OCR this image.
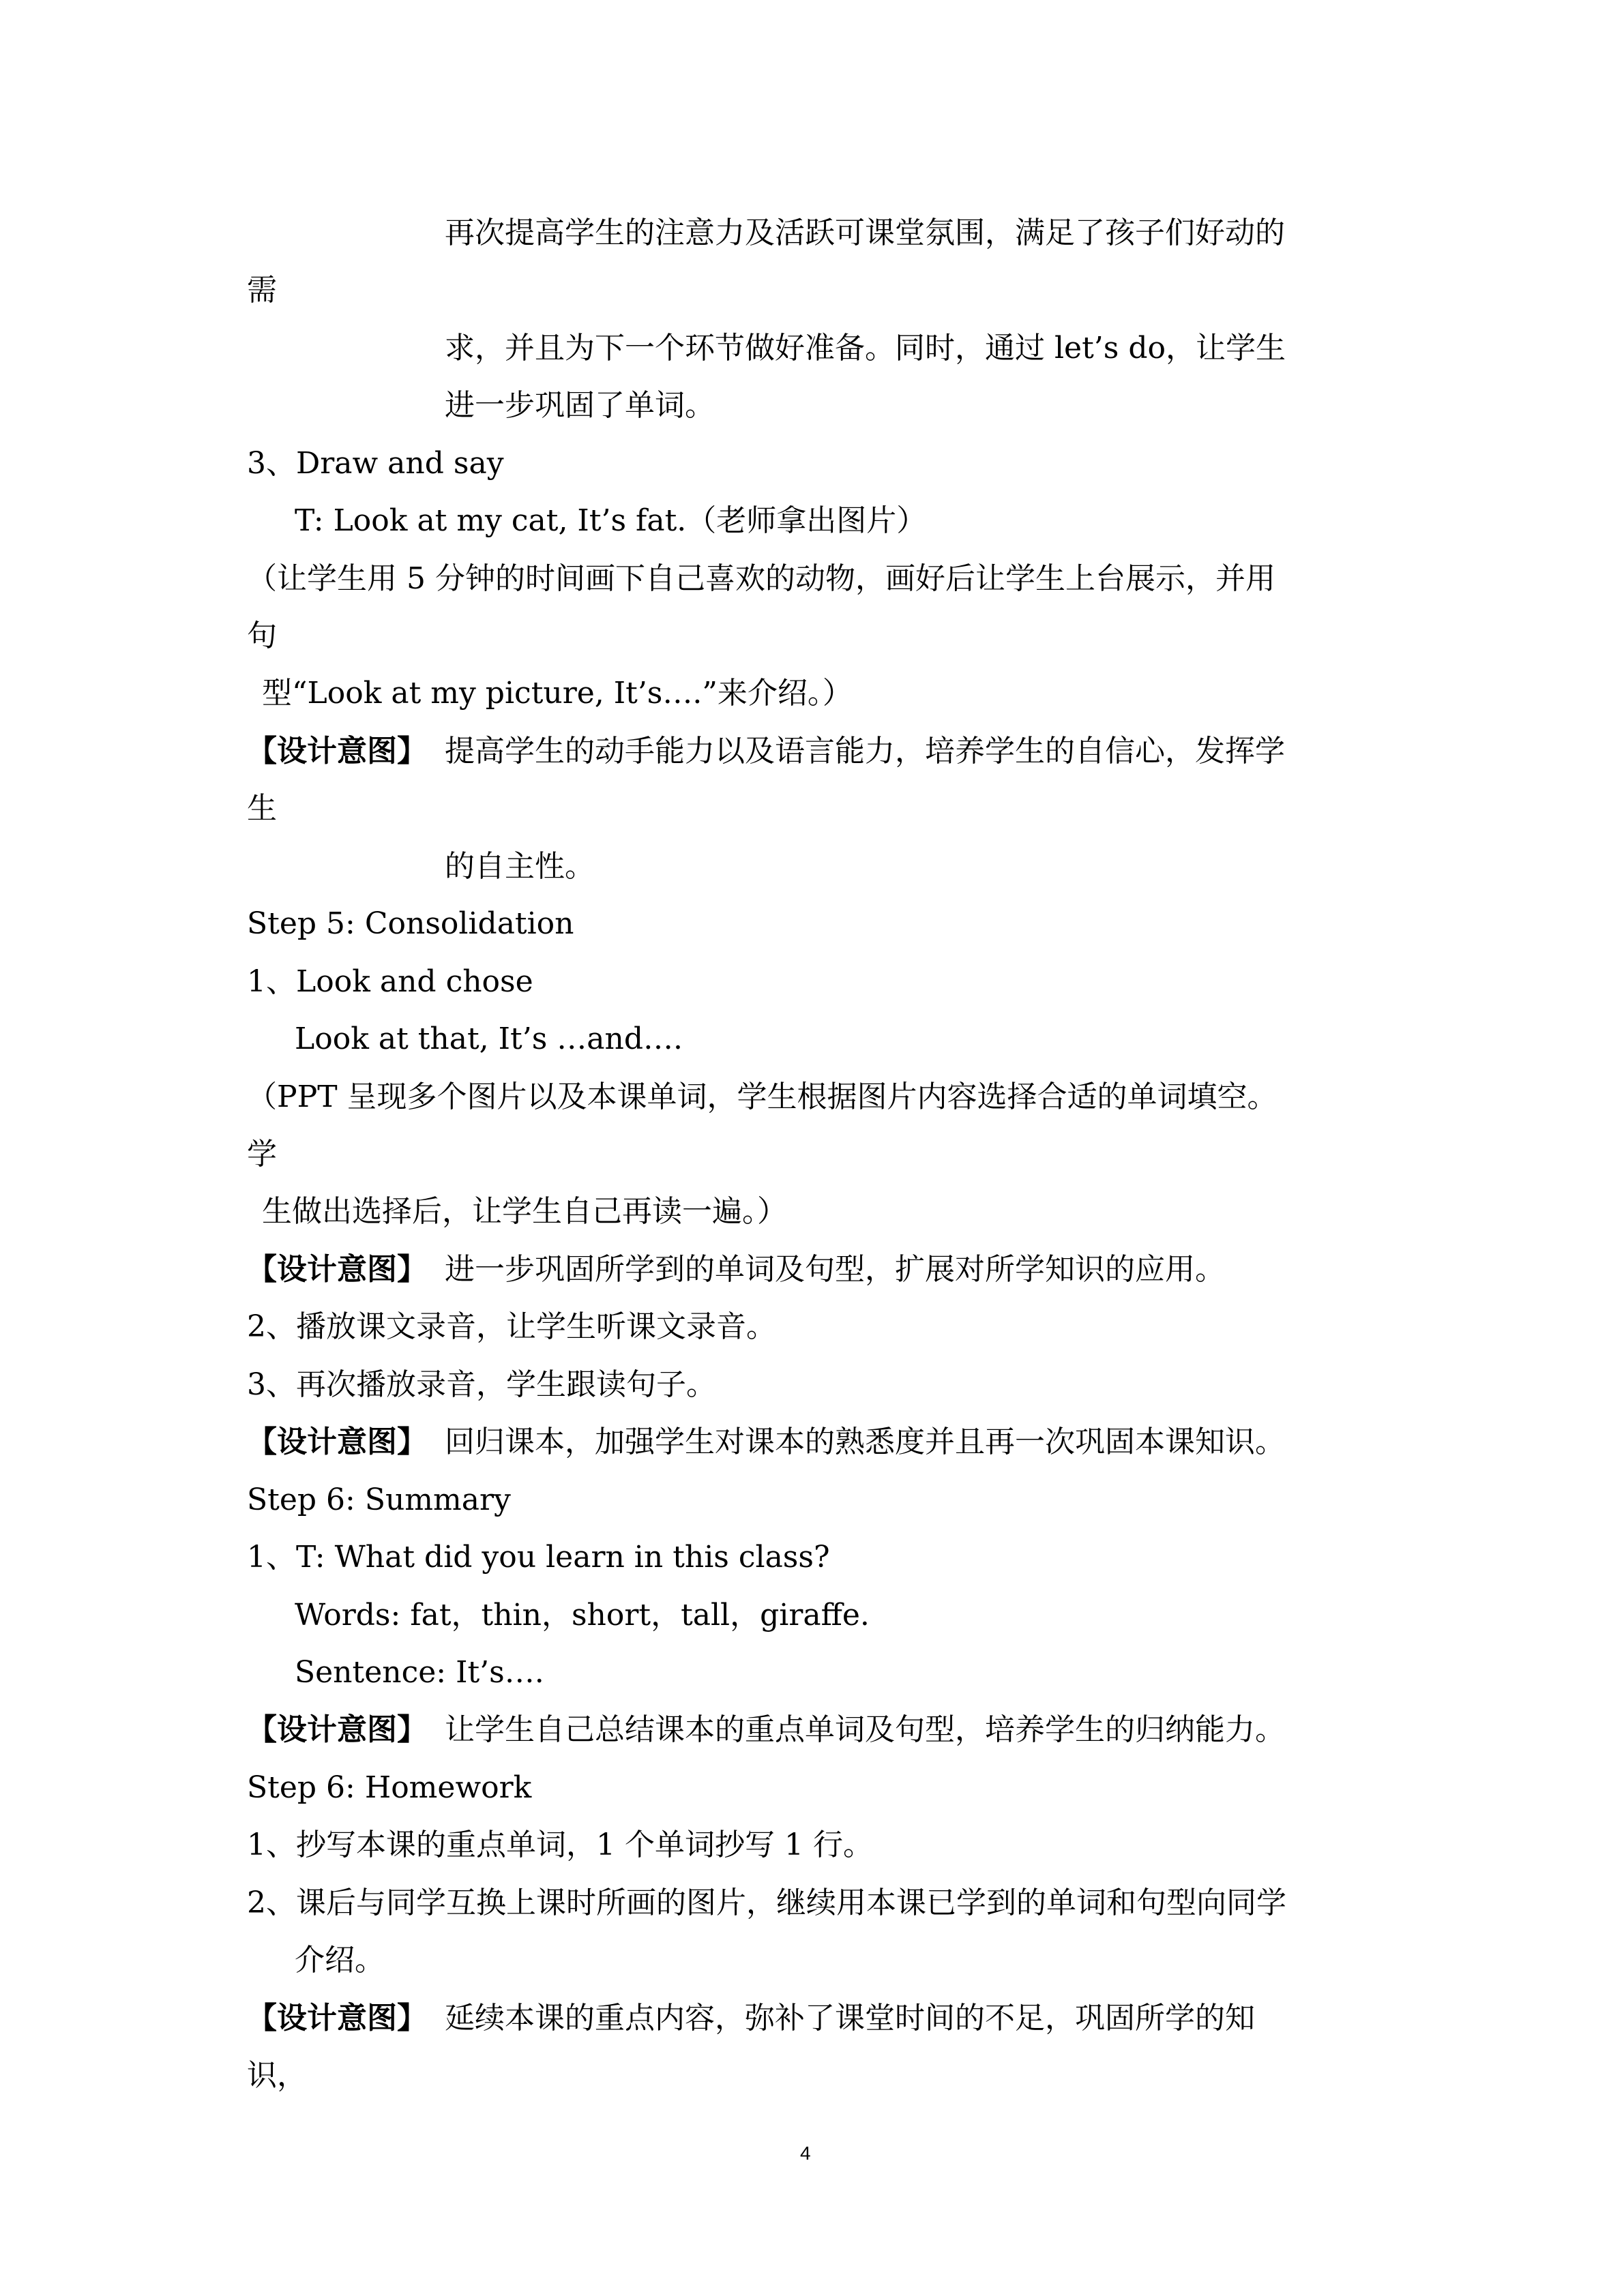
再次提高学生的注意力及活跃可课堂氛围，满足了孩子们好动的
需
求，并且为下一个环节做好准备。同时，通过 let’s do，让学生
进一步巩固了单词。
3、Draw and say
T: Look at my cat, It’s fat.（老师拿出图片）
（让学生用 5 分钟的时间画下自己喜欢的动物，画好后让学生上台展示，并用
句
型“Look at my picture, It’s….”来介绍。）
【设计意图】 提高学生的动手能力以及语言能力，培养学生的自信心，发挥学
生
的自主性。
Step 5: Consolidation
1、Look and chose
Look at that, It’s …and….
（PPT 呈现多个图片以及本课单词，学生根据图片内容选择合适的单词填空。
学
生做出选择后，让学生自己再读一遍。）
【设计意图】 进一步巩固所学到的单词及句型，扩展对所学知识的应用。
2、播放课文录音，让学生听课文录音。
3、再次播放录音，学生跟读句子。
【设计意图】 回归课本，加强学生对课本的熟悉度并且再一次巩固本课知识。
Step 6: Summary
1、T: What did you learn in this class?
Words: fat，thin，short，tall，giraffe.
Sentence: It’s….
【设计意图】 让学生自己总结课本的重点单词及句型，培养学生的归纳能力。
Step 6: Homework
1、抄写本课的重点单词，1 个单词抄写 1 行。
2、课后与同学互换上课时所画的图片，继续用本课已学到的单词和句型向同学
介绍。
【设计意图】 延续本课的重点内容，弥补了课堂时间的不足，巩固所学的知
识，
4
